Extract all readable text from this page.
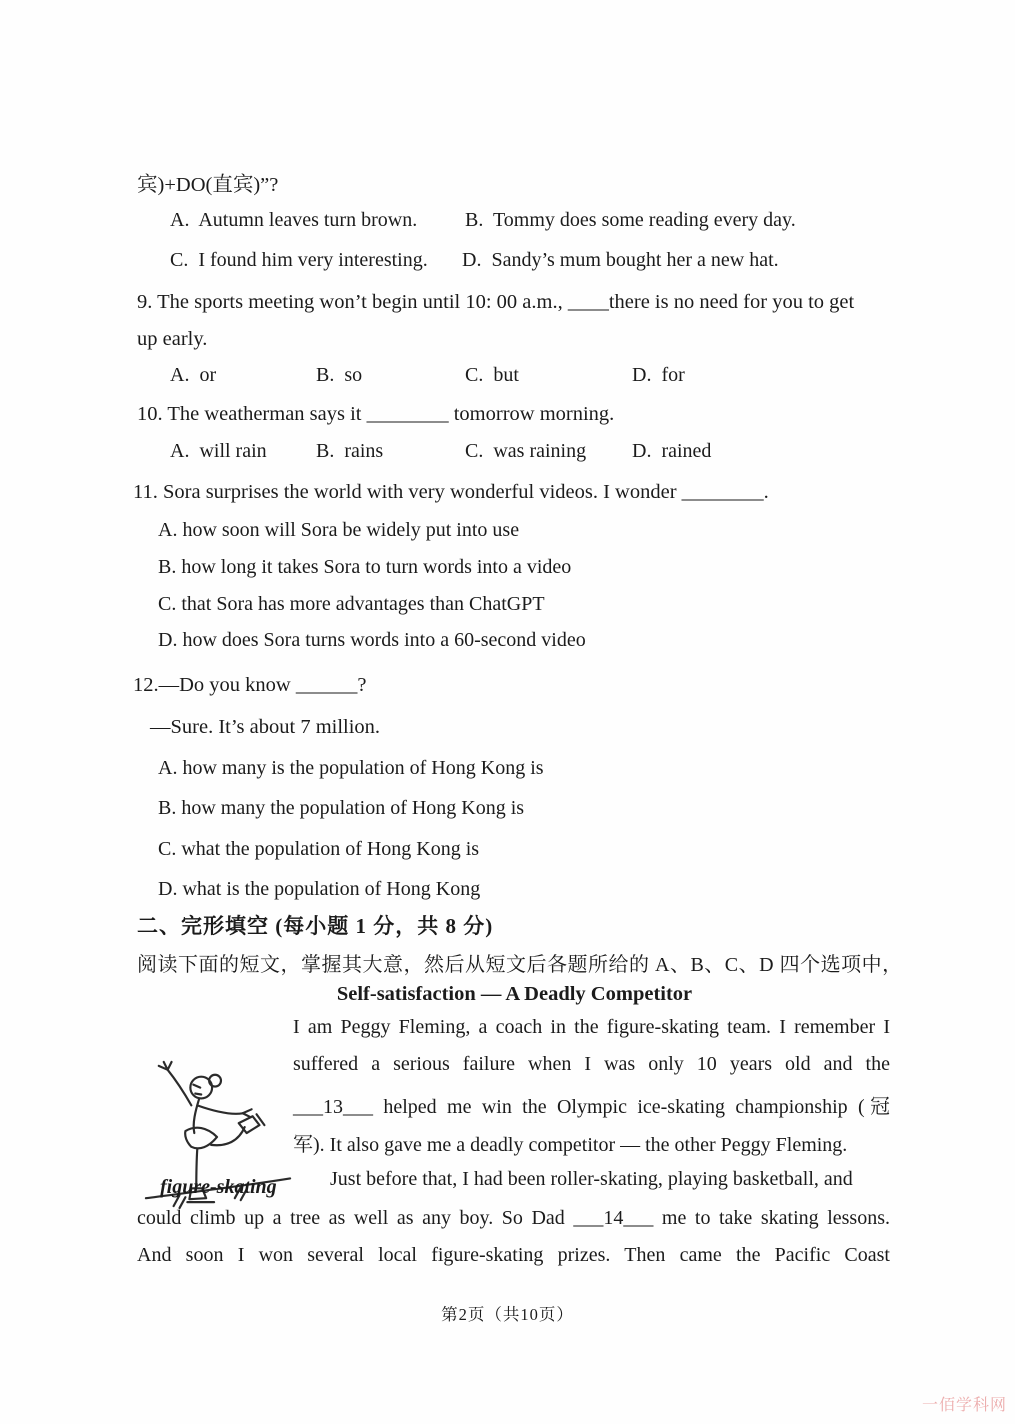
宾)+DO(直宾)”?
A.  Autumn leaves turn brown. B.  Tommy does some reading every day.
C.  I found him very interesting. D.  Sandy’s mum bought her a new hat.
9. The sports meeting won’t begin until 10: 00 a.m., ____there is no need for you to get
up early.
A.  or	B.  so	C.  but	D.  for
10. The weatherman says it ________ tomorrow morning.
A.  will rain B.  rains	C.  was raining D.  rained
11. Sora surprises the world with very wonderful videos. I wonder ________.
A. how soon will Sora be widely put into use
B. how long it takes Sora to turn words into a video
C. that Sora has more advantages than ChatGPT
D. how does Sora turns words into a 60-second video
12.—Do you know ______?
—Sure. It’s about 7 million.
A. how many is the population of Hong Kong is
B. how many the population of Hong Kong is
C. what the population of Hong Kong is
D. what is the population of Hong Kong
二、完形填空 (每小题 1 分，共 8 分)
阅读下面的短文，掌握其大意，然后从短文后各题所给的 A、B、C、D 四个选项中，
Self-satisfaction — A Deadly Competitor

figure-skating
I am Peggy Fleming, a coach in the figure-skating team. I remember I
suffered a serious failure when I was only 10 years old and the
___13___ helped me win the Olympic ice-skating championship (冠
军). It also gave me a deadly competitor — the other Peggy Fleming.
Just before that, I had been roller-skating, playing basketball, and
could climb up a tree as well as any boy. So Dad ___14___ me to take skating lessons.
And soon I won several local figure-skating prizes. Then came the Pacific Coast
第2页（共10页）
一佰学科网
